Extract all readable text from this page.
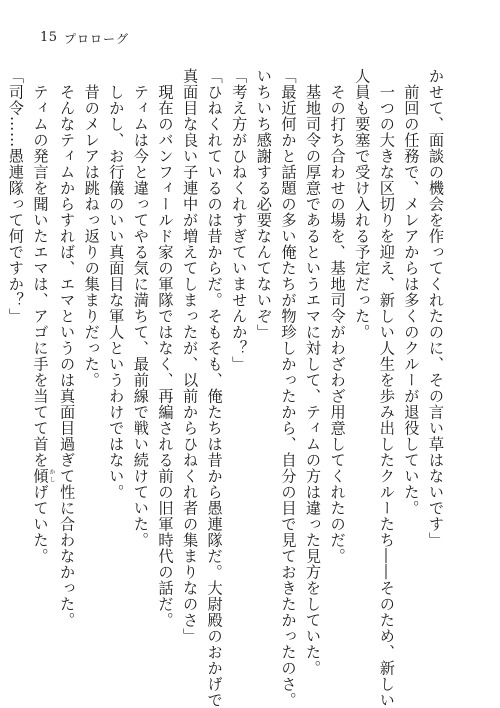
15 プロローグ
かせて、面談の機会を作ってくれたのに、その言い草はないです」
　前回の任務で、メレアからは多くのクルーが退役していた。
　一つの大きな区切りを迎え、新しい人生を歩み出したクルーたち――そのため、新しい
人員も要塞で受け入れる予定だった。
　その打ち合わせの場を、基地司令がわざわざ用意してくれたのだ。
　基地司令の厚意であるというエマに対して、ティムの方は違った見方をしていた。
「最近何かと話題の多い俺たちが物珍しかったから、自分の目で見ておきたかったのさ。
いちいち感謝する必要なんてないぞ」
「考え方がひねくれすぎていませんか？」
「ひねくれているのは昔からだ。そもそも、俺たちは昔から愚連隊だ。大尉殿のおかげで
真面目な良い子連中が増えてしまったが、以前からひねくれ者の集まりなのさ」
　現在のバンフィールド家の軍隊ではなく、再編される前の旧軍時代の話だ。
　ティムは今と違ってやる気に満ちて、最前線で戦い続けていた。
　しかし、お行儀のいい真面目な軍人というわけではない。
　昔のメレアは跳ねっ返りの集まりだった。
　そんなティムからすれば、エマというのは真面目過ぎて性に合わなかった。
　ティムの発言を聞いたエマは、アゴに手を当てて首を傾かしげていた。
「司令……愚連隊って何ですか？」
